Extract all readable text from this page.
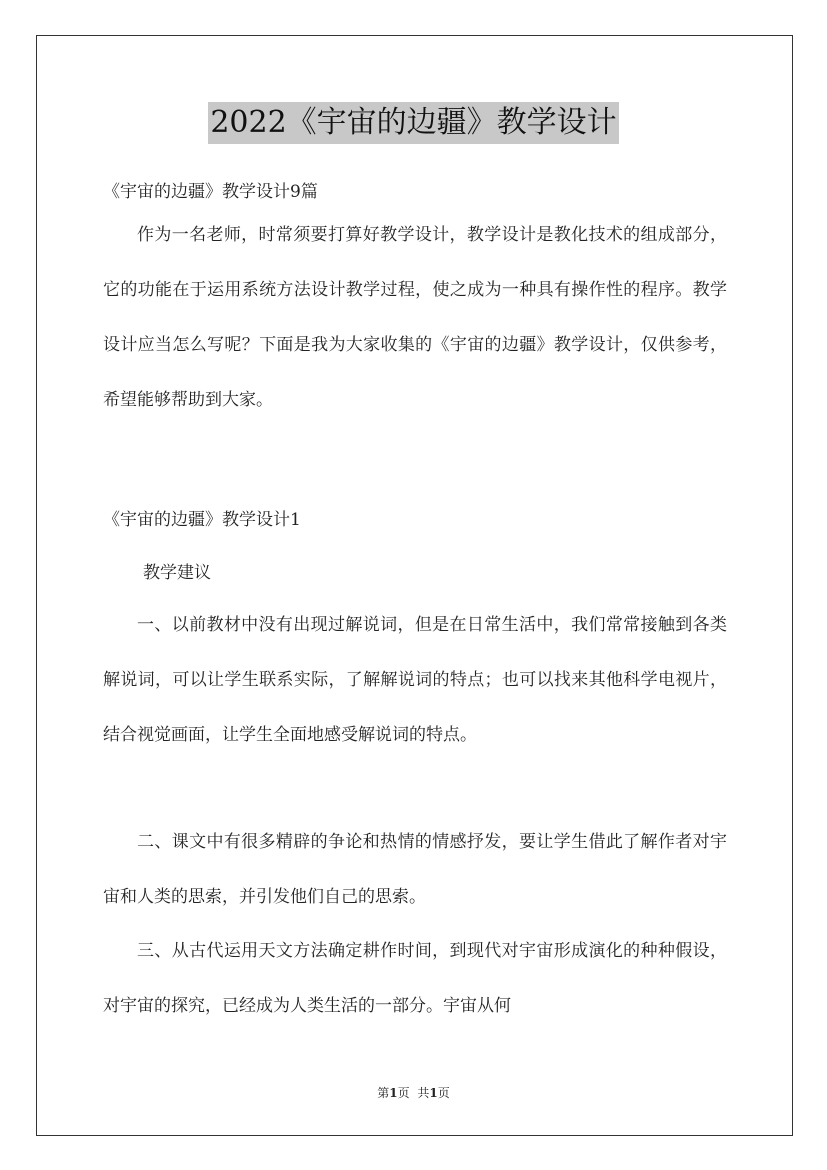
2022《宇宙的边疆》教学设计
《宇宙的边疆》教学设计9篇

作为一名老师，时常须要打算好教学设计，教学设计是教化技术的组成部分，它的功能在于运用系统方法设计教学过程，使之成为一种具有操作性的程序。教学设计应当怎么写呢？下面是我为大家收集的《宇宙的边疆》教学设计，仅供参考，希望能够帮助到大家。

《宇宙的边疆》教学设计1
教学建议

一、以前教材中没有出现过解说词，但是在日常生活中，我们常常接触到各类解说词，可以让学生联系实际，了解解说词的特点；也可以找来其他科学电视片，结合视觉画面，让学生全面地感受解说词的特点。

二、课文中有很多精辟的争论和热情的情感抒发，要让学生借此了解作者对宇宙和人类的思索，并引发他们自己的思索。

三、从古代运用天文方法确定耕作时间，到现代对宇宙形成演化的种种假设，对宇宙的探究，已经成为人类生活的一部分。宇宙从何

第1页 共1页
